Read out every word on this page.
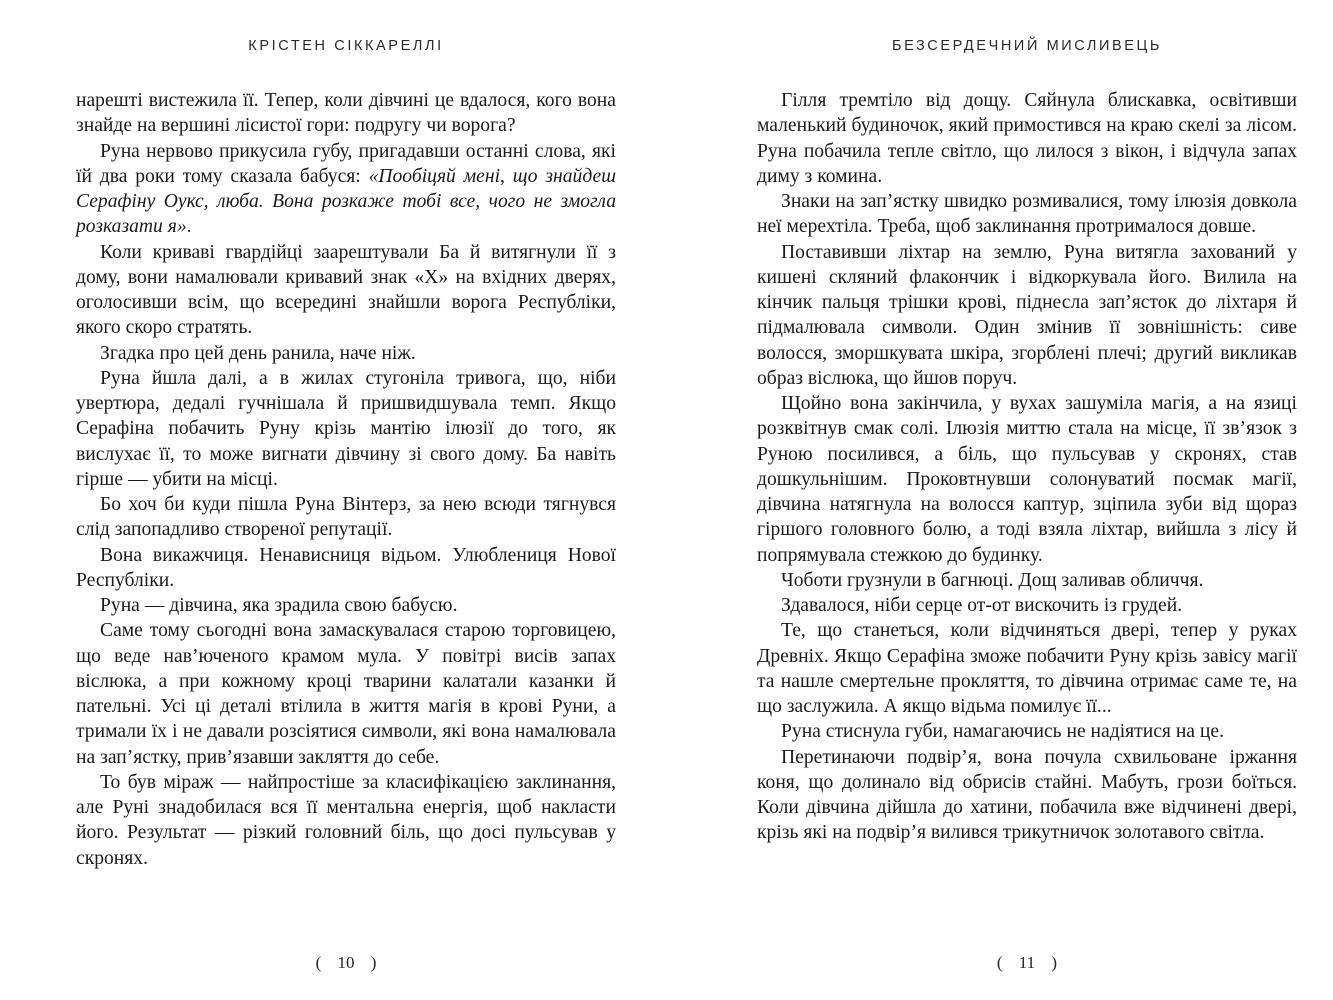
КРІСТЕН СІККАРЕЛЛІ

нарешті вистежила її. Тепер, коли дівчині це вдалося, кого вона знайде на вершині лісистої гори: подругу чи ворога?

Руна нервово прикусила губу, пригадавши останні слова, які їй два роки тому сказала бабуся: «Пообіцяй мені, що знайдеш Серафіну Оукс, люба. Вона розкаже тобі все, чого не змогла розказати я».

Коли криваві гвардійці заарештували Ба й витягнули її з дому, вони намалювали кривавий знак «Х» на вхідних дверях, оголосивши всім, що всередині знайшли ворога Республіки, якого скоро стратять.

Згадка про цей день ранила, наче ніж.

Руна йшла далі, а в жилах стугоніла тривога, що, ніби увертюра, дедалі гучнішала й пришвидшувала темп. Якщо Серафіна побачить Руну крізь мантію ілюзії до того, як вислухає її, то може вигнати дівчину зі свого дому. Ба навіть гірше — убити на місці.

Бо хоч би куди пішла Руна Вінтерз, за нею всюди тягнувся слід запопадливо створеної репутації.

Вона викажчиця. Ненависниця відьом. Улюблениця Нової Республіки.

Руна — дівчина, яка зрадила свою бабусю.

Саме тому сьогодні вона замаскувалася старою торговицею, що веде нав’юченого крамом мула. У повітрі висів запах віслюка, а при кожному кроці тварини калатали казанки й пательні. Усі ці деталі втілила в життя магія в крові Руни, а тримали їх і не давали розсіятися символи, які вона намалювала на зап’ястку, прив’язавши закляття до себе.

То був міраж — найпростіше за класифікацією заклинання, але Руні знадобилася вся її ментальна енергія, щоб накласти його. Результат — різкий головний біль, що досі пульсував у скронях.

( 10 )
БЕЗСЕРДЕЧНИЙ МИСЛИВЕЦЬ

Гілля тремтіло від дощу. Сяйнула блискавка, освітивши маленький будиночок, який примостився на краю скелі за лісом. Руна побачила тепле світло, що лилося з вікон, і відчула запах диму з комина.

Знаки на зап’ястку швидко розмивалися, тому ілюзія довкола неї мерехтіла. Треба, щоб заклинання протрималося довше.

Поставивши ліхтар на землю, Руна витягла захований у кишені скляний флакончик і відкоркувала його. Вилила на кінчик пальця трішки крові, піднесла зап’ясток до ліхтаря й підмалювала символи. Один змінив її зовнішність: сиве волосся, зморшкувата шкіра, згорблені плечі; другий викликав образ віслюка, що йшов поруч.

Щойно вона закінчила, у вухах зашуміла магія, а на язиці розквітнув смак солі. Ілюзія миттю стала на місце, її зв’язок з Руною посилився, а біль, що пульсував у скронях, став дошкульнішим. Проковтнувши солонуватий посмак магії, дівчина натягнула на волосся каптур, зціпила зуби від щораз гіршого головного болю, а тоді взяла ліхтар, вийшла з лісу й попрямувала стежкою до будинку.

Чоботи грузнули в багнюці. Дощ заливав обличчя.

Здавалося, ніби серце от-от вискочить із грудей.

Те, що станеться, коли відчиняться двері, тепер у руках Древніх. Якщо Серафіна зможе побачити Руну крізь завісу магії та нашле смертельне прокляття, то дівчина отримає саме те, на що заслужила. А якщо відьма помилує її...

Руна стиснула губи, намагаючись не надіятися на це.

Перетинаючи подвір’я, вона почула схвильоване іржання коня, що долинало від обрисів стайні. Мабуть, грози боїться. Коли дівчина дійшла до хатини, побачила вже відчинені двері, крізь які на подвір’я вилився трикутничок золотавого світла.

( 11 )
